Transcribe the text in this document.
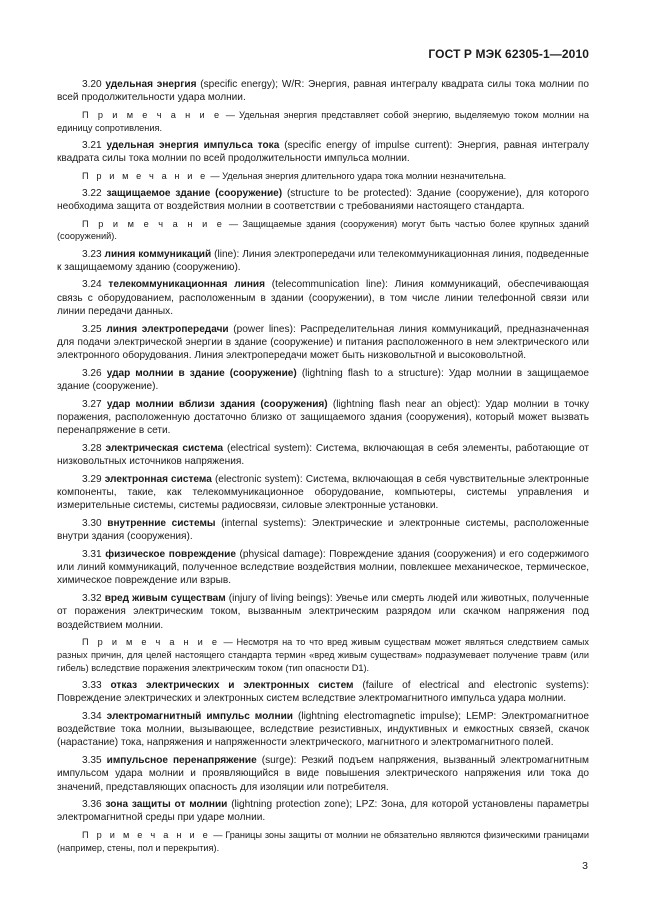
ГОСТ Р МЭК 62305-1—2010

3.20 удельная энергия (specific energy); W/R: Энергия, равная интегралу квадрата силы тока молнии по всей продолжительности удара молнии.

П р и м е ч а н и е — Удельная энергия представляет собой энергию, выделяемую током молнии на единицу сопротивления.

3.21 удельная энергия импульса тока (specific energy of impulse current): Энергия, равная интегралу квадрата силы тока молнии по всей продолжительности импульса молнии.

П р и м е ч а н и е — Удельная энергия длительного удара тока молнии незначительна.

3.22 защищаемое здание (сооружение) (structure to be protected): Здание (сооружение), для которого необходима защита от воздействия молнии в соответствии с требованиями настоящего стандарта.

П р и м е ч а н и е — Защищаемые здания (сооружения) могут быть частью более крупных зданий (сооружений).

3.23 линия коммуникаций (line): Линия электропередачи или телекоммуникационная линия, подведенные к защищаемому зданию (сооружению).

3.24 телекоммуникационная линия (telecommunication line): Линия коммуникаций, обеспечивающая связь с оборудованием, расположенным в здании (сооружении), в том числе линии телефонной связи или линии передачи данных.

3.25 линия электропередачи (power lines): Распределительная линия коммуникаций, предназначенная для подачи электрической энергии в здание (сооружение) и питания расположенного в нем электрического или электронного оборудования. Линия электропередачи может быть низковольтной и высоковольтной.

3.26 удар молнии в здание (сооружение) (lightning flash to a structure): Удар молнии в защищаемое здание (сооружение).

3.27 удар молнии вблизи здания (сооружения) (lightning flash near an object): Удар молнии в точку поражения, расположенную достаточно близко от защищаемого здания (сооружения), который может вызвать перенапряжение в сети.

3.28 электрическая система (electrical system): Система, включающая в себя элементы, работающие от низковольтных источников напряжения.

3.29 электронная система (electronic system): Система, включающая в себя чувствительные электронные компоненты, такие, как телекоммуникационное оборудование, компьютеры, системы управления и измерительные системы, системы радиосвязи, силовые электронные установки.

3.30 внутренние системы (internal systems): Электрические и электронные системы, расположенные внутри здания (сооружения).

3.31 физическое повреждение (physical damage): Повреждение здания (сооружения) и его содержимого или линий коммуникаций, полученное вследствие воздействия молнии, повлекшее механическое, термическое, химическое повреждение или взрыв.

3.32 вред живым существам (injury of living beings): Увечье или смерть людей или животных, полученные от поражения электрическим током, вызванным электрическим разрядом или скачком напряжения под воздействием молнии.

П р и м е ч а н и е — Несмотря на то что вред живым существам может являться следствием самых разных причин, для целей настоящего стандарта термин «вред живым существам» подразумевает получение травм (или гибель) вследствие поражения электрическим током (тип опасности D1).

3.33 отказ электрических и электронных систем (failure of electrical and electronic systems): Повреждение электрических и электронных систем вследствие электромагнитного импульса удара молнии.

3.34 электромагнитный импульс молнии (lightning electromagnetic impulse); LEMP: Электромагнитное воздействие тока молнии, вызывающее, вследствие резистивных, индуктивных и емкостных связей, скачок (нарастание) тока, напряжения и напряженности электрического, магнитного и электромагнитного полей.

3.35 импульсное перенапряжение (surge): Резкий подъем напряжения, вызванный электромагнитным импульсом удара молнии и проявляющийся в виде повышения электрического напряжения или тока до значений, представляющих опасность для изоляции или потребителя.

3.36 зона защиты от молнии (lightning protection zone); LPZ: Зона, для которой установлены параметры электромагнитной среды при ударе молнии.

П р и м е ч а н и е — Границы зоны защиты от молнии не обязательно являются физическими границами (например, стены, пол и перекрытия).

3
